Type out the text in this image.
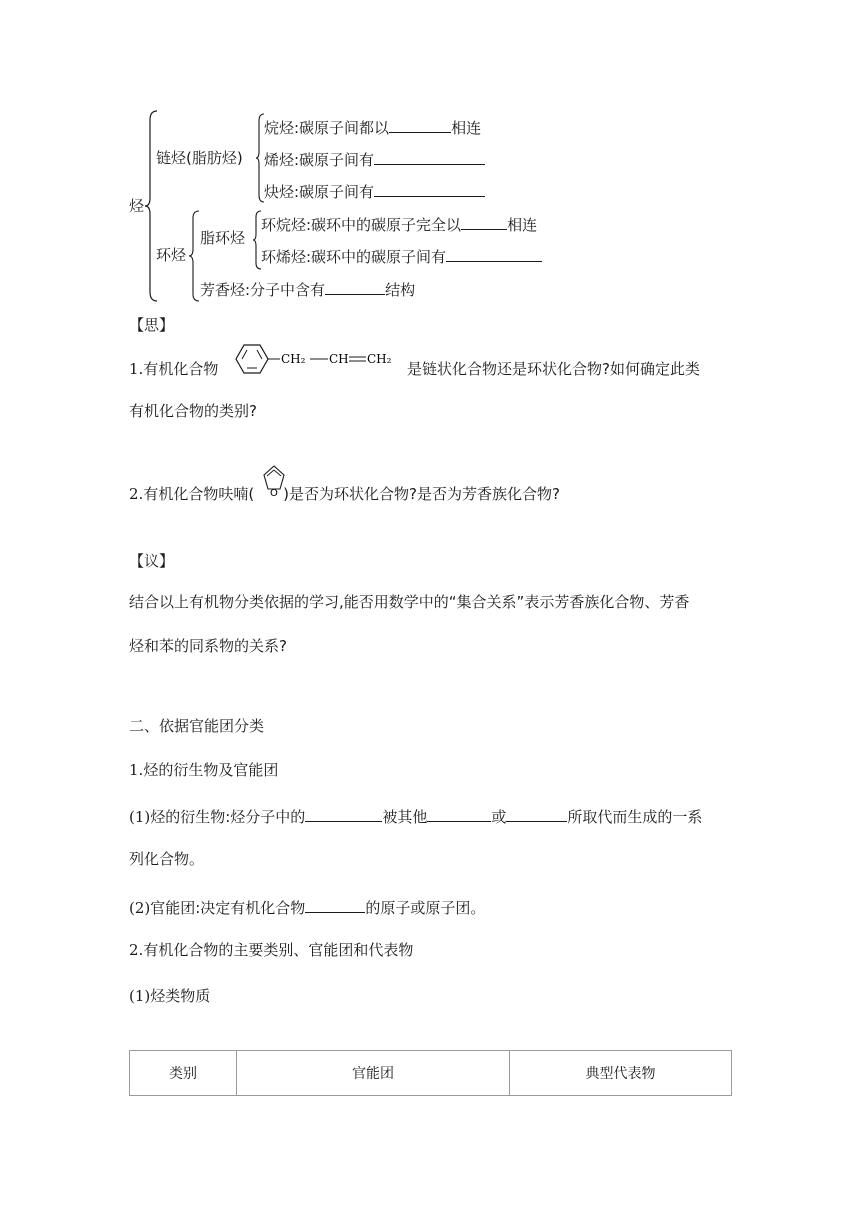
烃
链烃(脂肪烃)
烷烃:碳原子间都以	相连
烯烃:碳原子间有
炔烃:碳原子间有
环烃
脂环烃
环烷烃:碳环中的碳原子完全以	相连
环烯烃:碳环中的碳原子间有
芳香烃:分子中含有	结构
【思】
1.有机化合物
CH₂ CH CH₂
是链状化合物还是环状化合物?如何确定此类
有机化合物的类别?
2.有机化合物呋喃( )是否为环状化合物?是否为芳香族化合物?
O
【议】
结合以上有机物分类依据的学习,能否用数学中的“集合关系”表示芳香族化合物、芳香
烃和苯的同系物的关系?
二、依据官能团分类
1.烃的衍生物及官能团
(1)烃的衍生物:烃分子中的	被其他	或	所取代而生成的一系
列化合物。
(2)官能团:决定有机化合物	的原子或原子团。
2.有机化合物的主要类别、官能团和代表物
(1)烃类物质
类别	官能团	典型代表物
